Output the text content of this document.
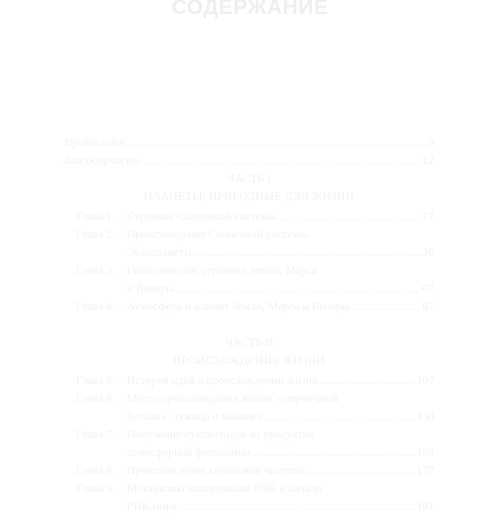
СОДЕРЖАНИЕ
Предисловие .....	9
Благодарности .....	12
ЧАСТЬ I
ПЛАНЕТЫ, ПРИГОДНЫЕ ДЛЯ ЖИЗНИ
Глава 1.	Строение Солнечной системы .....	17
Глава 2.	Происхождение Солнечной системы.
Экзопланеты .....	36
Глава 3.	Геологическое строение Земли, Марса
и Венеры .....	67
Глава 4.	Атмосфера и климат Земли, Марса и Венеры .....	87
ЧАСТЬ II
ПРОИСХОЖДЕНИЕ ЖИЗНИ
Глава 5.	История идей о происхождении жизни .....	107
Глава 6.	Место происхождения жизни, «первичный
бульон», лужица и майонез .....	130
Глава 7.	Получение нуклеотидов из продуктов
атмосферной фотохимии .....	158
Глава 8.	Происхождение хиральной чистоты .....	177
Глава 9.	Механизмы копирования РНК и начало
РНК мира .....	191
